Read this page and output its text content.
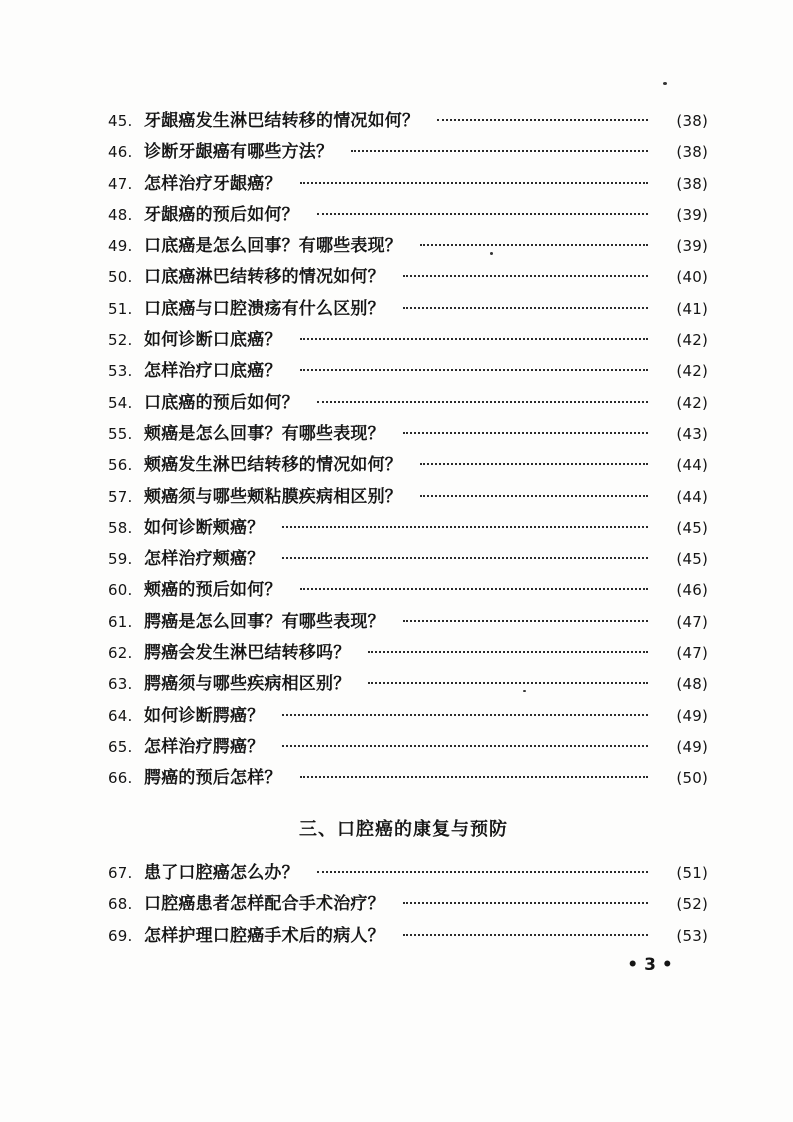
45. 牙龈癌发生淋巴结转移的情况如何？	(38)
46. 诊断牙龈癌有哪些方法？	(38)
47. 怎样治疗牙龈癌？	(38)
48. 牙龈癌的预后如何？	(39)
49. 口底癌是怎么回事？有哪些表现？	(39)
50. 口底癌淋巴结转移的情况如何？	(40)
51. 口底癌与口腔溃疡有什么区别？	(41)
52. 如何诊断口底癌？	(42)
53. 怎样治疗口底癌？	(42)
54. 口底癌的预后如何？	(42)
55. 颊癌是怎么回事？有哪些表现？	(43)
56. 颊癌发生淋巴结转移的情况如何？	(44)
57. 颊癌须与哪些颊粘膜疾病相区别？	(44)
58. 如何诊断颊癌？	(45)
59. 怎样治疗颊癌？	(45)
60. 颊癌的预后如何？	(46)
61. 腭癌是怎么回事？有哪些表现？	(47)
62. 腭癌会发生淋巴结转移吗？	(47)
63. 腭癌须与哪些疾病相区别？	(48)
64. 如何诊断腭癌？	(49)
65. 怎样治疗腭癌？	(49)
66. 腭癌的预后怎样？	(50)
三、口腔癌的康复与预防
67. 患了口腔癌怎么办？	(51)
68. 口腔癌患者怎样配合手术治疗？	(52)
69. 怎样护理口腔癌手术后的病人？	(53)
• 3 •
